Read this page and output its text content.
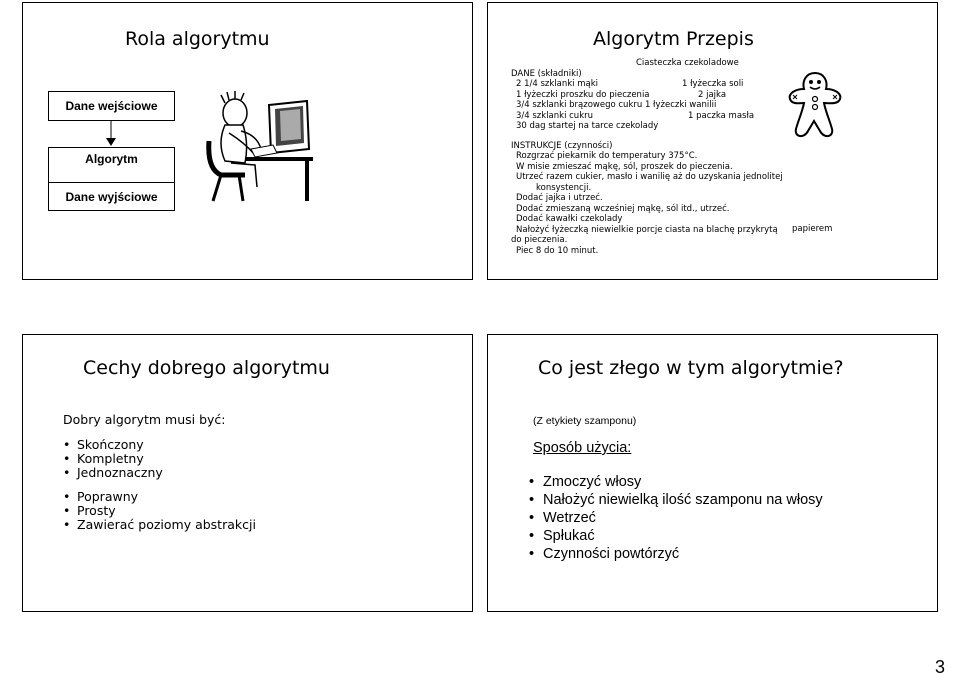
Rola algorytmu
Dane wejściowe
Algorytm
Dane wyjściowe
Algorytm Przepis
Ciasteczka czekoladowe
DANE (składniki)
2 1/4 szklanki mąki
1 łyżeczki proszku do pieczenia
3/4 szklanki brązowego cukru 1 łyżeczki wanilii
3/4 szklanki cukru
30 dag startej na tarce czekolady
1 łyżeczka soli
2 jajka
1 paczka masła
INSTRUKCJE (czynności)
Rozgrzać piekarnik do temperatury 375°C.
W misie zmieszać mąkę, sól, proszek do pieczenia.
Utrzeć razem cukier, masło i wanilię aż do uzyskania jednolitej
konsystencji.
Dodać jajka i utrzeć.
Dodać zmieszaną wcześniej mąkę, sól itd., utrzeć.
Dodać kawałki czekolady
Nałożyć łyżeczką niewielkie porcje ciasta na blachę przykrytą
do pieczenia.
Piec 8 do 10 minut.
papierem
Cechy dobrego algorytmu
Dobry algorytm musi być:
• Skończony
• Kompletny
• Jednoznaczny
• Poprawny
• Prosty
• Zawierać poziomy abstrakcji
Co jest złego w tym algorytmie?
(Z etykiety szamponu)
Sposób użycia:
• Zmoczyć włosy
• Nałożyć niewielką ilość szamponu na włosy
• Wetrzeć
• Spłukać
• Czynności powtórzyć
3
